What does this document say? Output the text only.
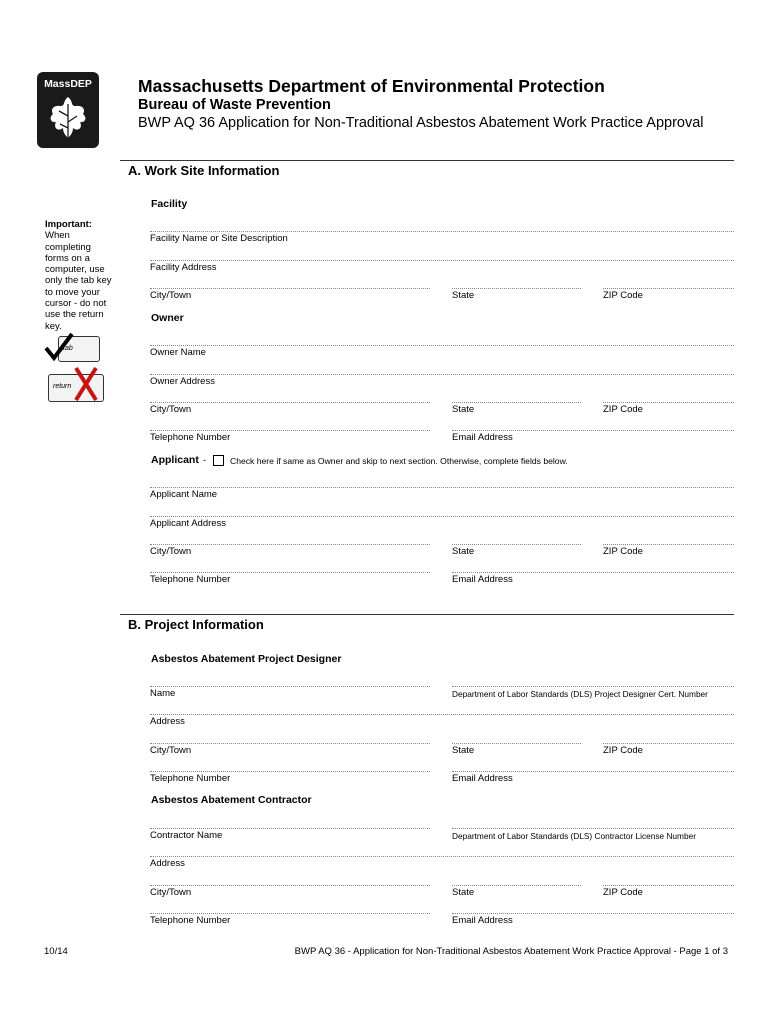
MassDEP	Massachusetts Department of Environmental Protection
Bureau of Waste Prevention
BWP AQ 36 Application for Non-Traditional Asbestos Abatement Work Practice Approval
Important:
When completing forms on a computer, use only the tab key to move your cursor - do not use the return key.
tab
return
A. Work Site Information
Facility
Facility Name or Site Description
Facility Address
City/Town	State	ZIP Code
Owner
Owner Name
Owner Address
City/Town	State	ZIP Code
Telephone Number	Email Address
Applicant -	Check here if same as Owner and skip to next section. Otherwise, complete fields below.
Applicant Name
Applicant Address
City/Town	State	ZIP Code
Telephone Number	Email Address
B. Project Information
Asbestos Abatement Project Designer
Name	Department of Labor Standards (DLS) Project Designer Cert. Number
Address
City/Town	State	ZIP Code
Telephone Number	Email Address
Asbestos Abatement Contractor
Contractor Name	Department of Labor Standards (DLS) Contractor License Number
Address
City/Town	State	ZIP Code
Telephone Number	Email Address
10/14	BWP AQ 36 - Application for Non-Traditional Asbestos Abatement Work Practice Approval - Page 1 of 3
